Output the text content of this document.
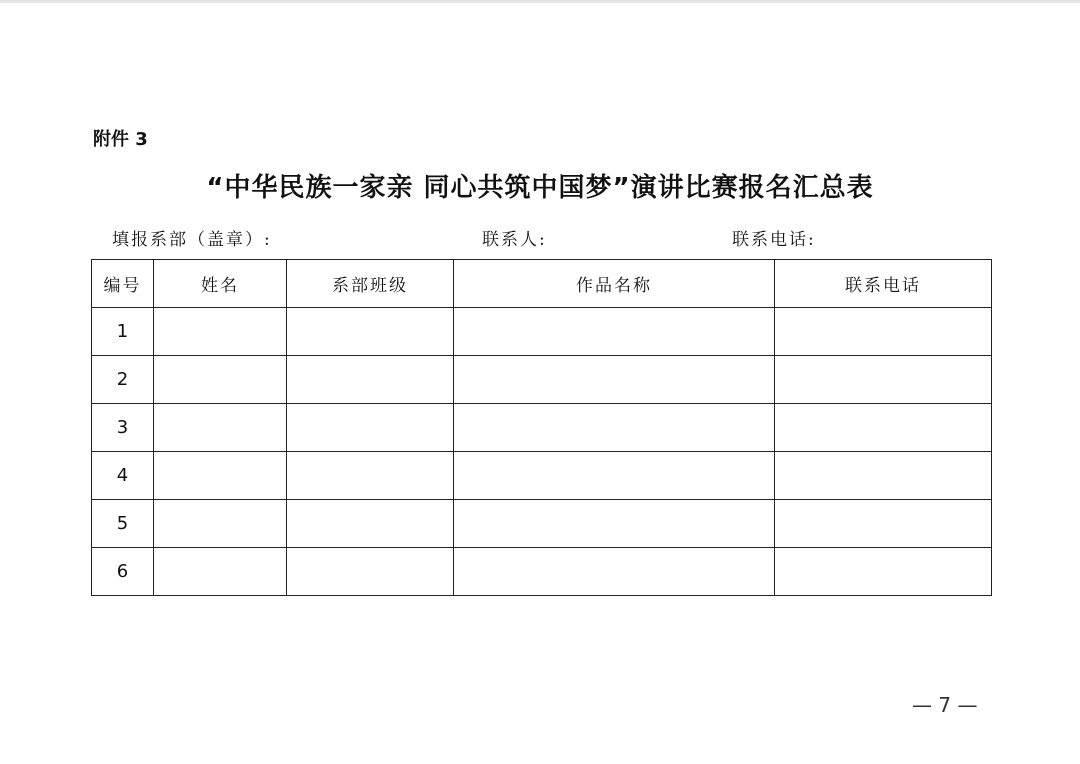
附件 3
“中华民族一家亲 同心共筑中国梦”演讲比赛报名汇总表
填报系部（盖章）:	联系人:	联系电话:
编号	姓名	系部班级	作品名称	联系电话
1				
2				
3				
4				
5				
6				
— 7 —
